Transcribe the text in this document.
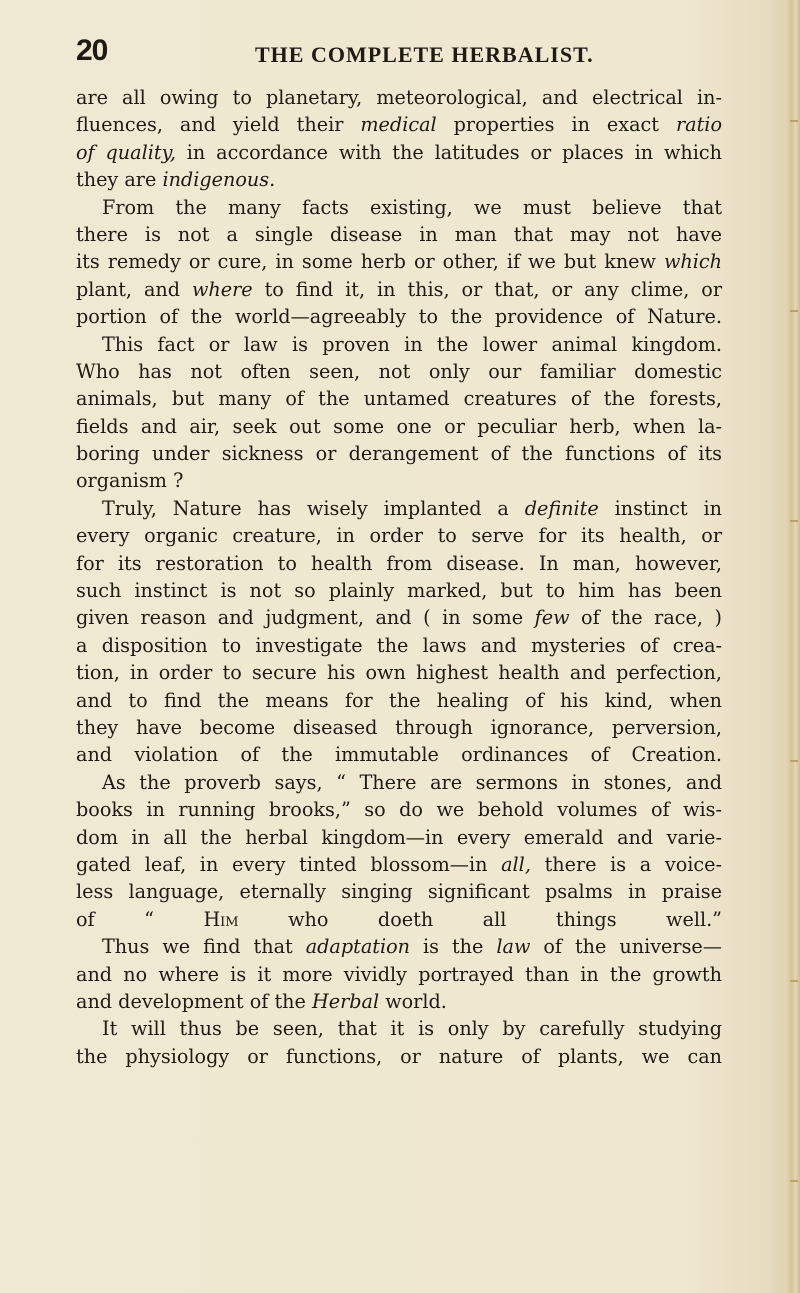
20	THE COMPLETE HERBALIST.
are all owing to planetary, meteorological, and electrical in-
fluences, and yield their medical properties in exact ratio
of quality, in accordance with the latitudes or places in which
they are indigenous.
From the many facts existing, we must believe that
there is not a single disease in man that may not have
its remedy or cure, in some herb or other, if we but knew which
plant, and where to find it, in this, or that, or any clime, or
portion of the world—agreeably to the providence of Nature.
This fact or law is proven in the lower animal kingdom.
Who has not often seen, not only our familiar domestic
animals, but many of the untamed creatures of the forests,
fields and air, seek out some one or peculiar herb, when la-
boring under sickness or derangement of the functions of its
organism ?
Truly, Nature has wisely implanted a definite instinct in
every organic creature, in order to serve for its health, or
for its restoration to health from disease. In man, however,
such instinct is not so plainly marked, but to him has been
given reason and judgment, and ( in some few of the race, )
a disposition to investigate the laws and mysteries of crea-
tion, in order to secure his own highest health and perfection,
and to find the means for the healing of his kind, when
they have become diseased through ignorance, perversion,
and violation of the immutable ordinances of Creation.
As the proverb says, “ There are sermons in stones, and
books in running brooks,” so do we behold volumes of wis-
dom in all the herbal kingdom—in every emerald and varie-
gated leaf, in every tinted blossom—in all, there is a voice-
less language, eternally singing significant psalms in praise
of “ Him who doeth all things well.”
Thus we find that adaptation is the law of the universe—
and no where is it more vividly portrayed than in the growth
and development of the Herbal world.
It will thus be seen, that it is only by carefully studying
the physiology or functions, or nature of plants, we can
